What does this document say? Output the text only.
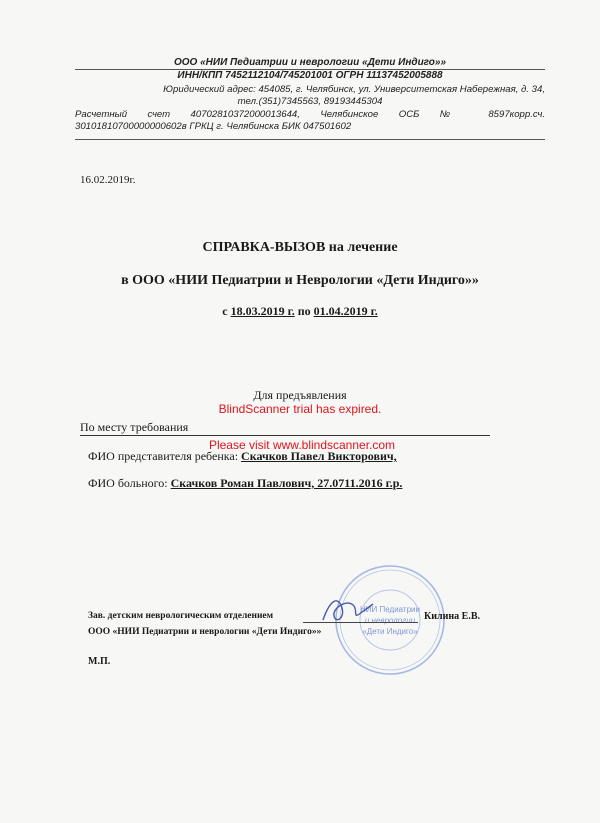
ООО «НИИ Педиатрии и неврологии «Дети Индиго»»
ИНН/КПП 7452112104/745201001 ОГРН 11137452005888
Юридический адрес: 454085, г. Челябинск, ул. Университетская Набережная, д. 34,
тел.(351)7345563, 89193445304
Расчетный счет 40702810372000013644, Челябинское ОСБ № 8597корр.сч.
30101810700000000602в ГРКЦ г. Челябинска БИК 047501602
16.02.2019г.
СПРАВКА-ВЫЗОВ на лечение
в ООО «НИИ Педиатрии и Неврологии «Дети Индиго»»
с 18.03.2019 г. по 01.04.2019 г.
Для предъявления
BlindScanner trial has expired.
По месту требования
Please visit www.blindscanner.com
ФИО представителя ребенка: Скачков Павел Викторович,
ФИО больного: Скачков Роман Павлович, 27.0711.2016 г.р.
НИИ Педиатрии
и неврологии
«Дети Индиго»
Зав. детским неврологическим отделением	Килина Е.В.
ООО «НИИ Педиатрии и неврологии «Дети Индиго»»
М.П.
